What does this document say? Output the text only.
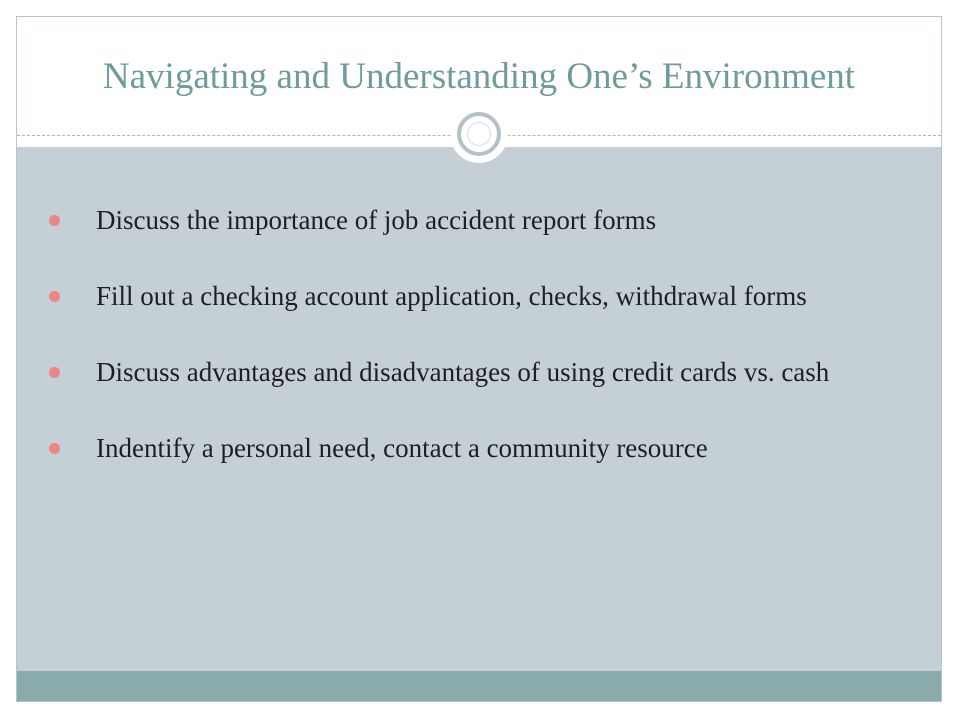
Navigating and Understanding One’s Environment
Discuss the importance of job accident report forms
Fill out a checking account application, checks, withdrawal forms
Discuss advantages and disadvantages of using credit cards vs. cash
Indentify a personal need, contact a community resource
